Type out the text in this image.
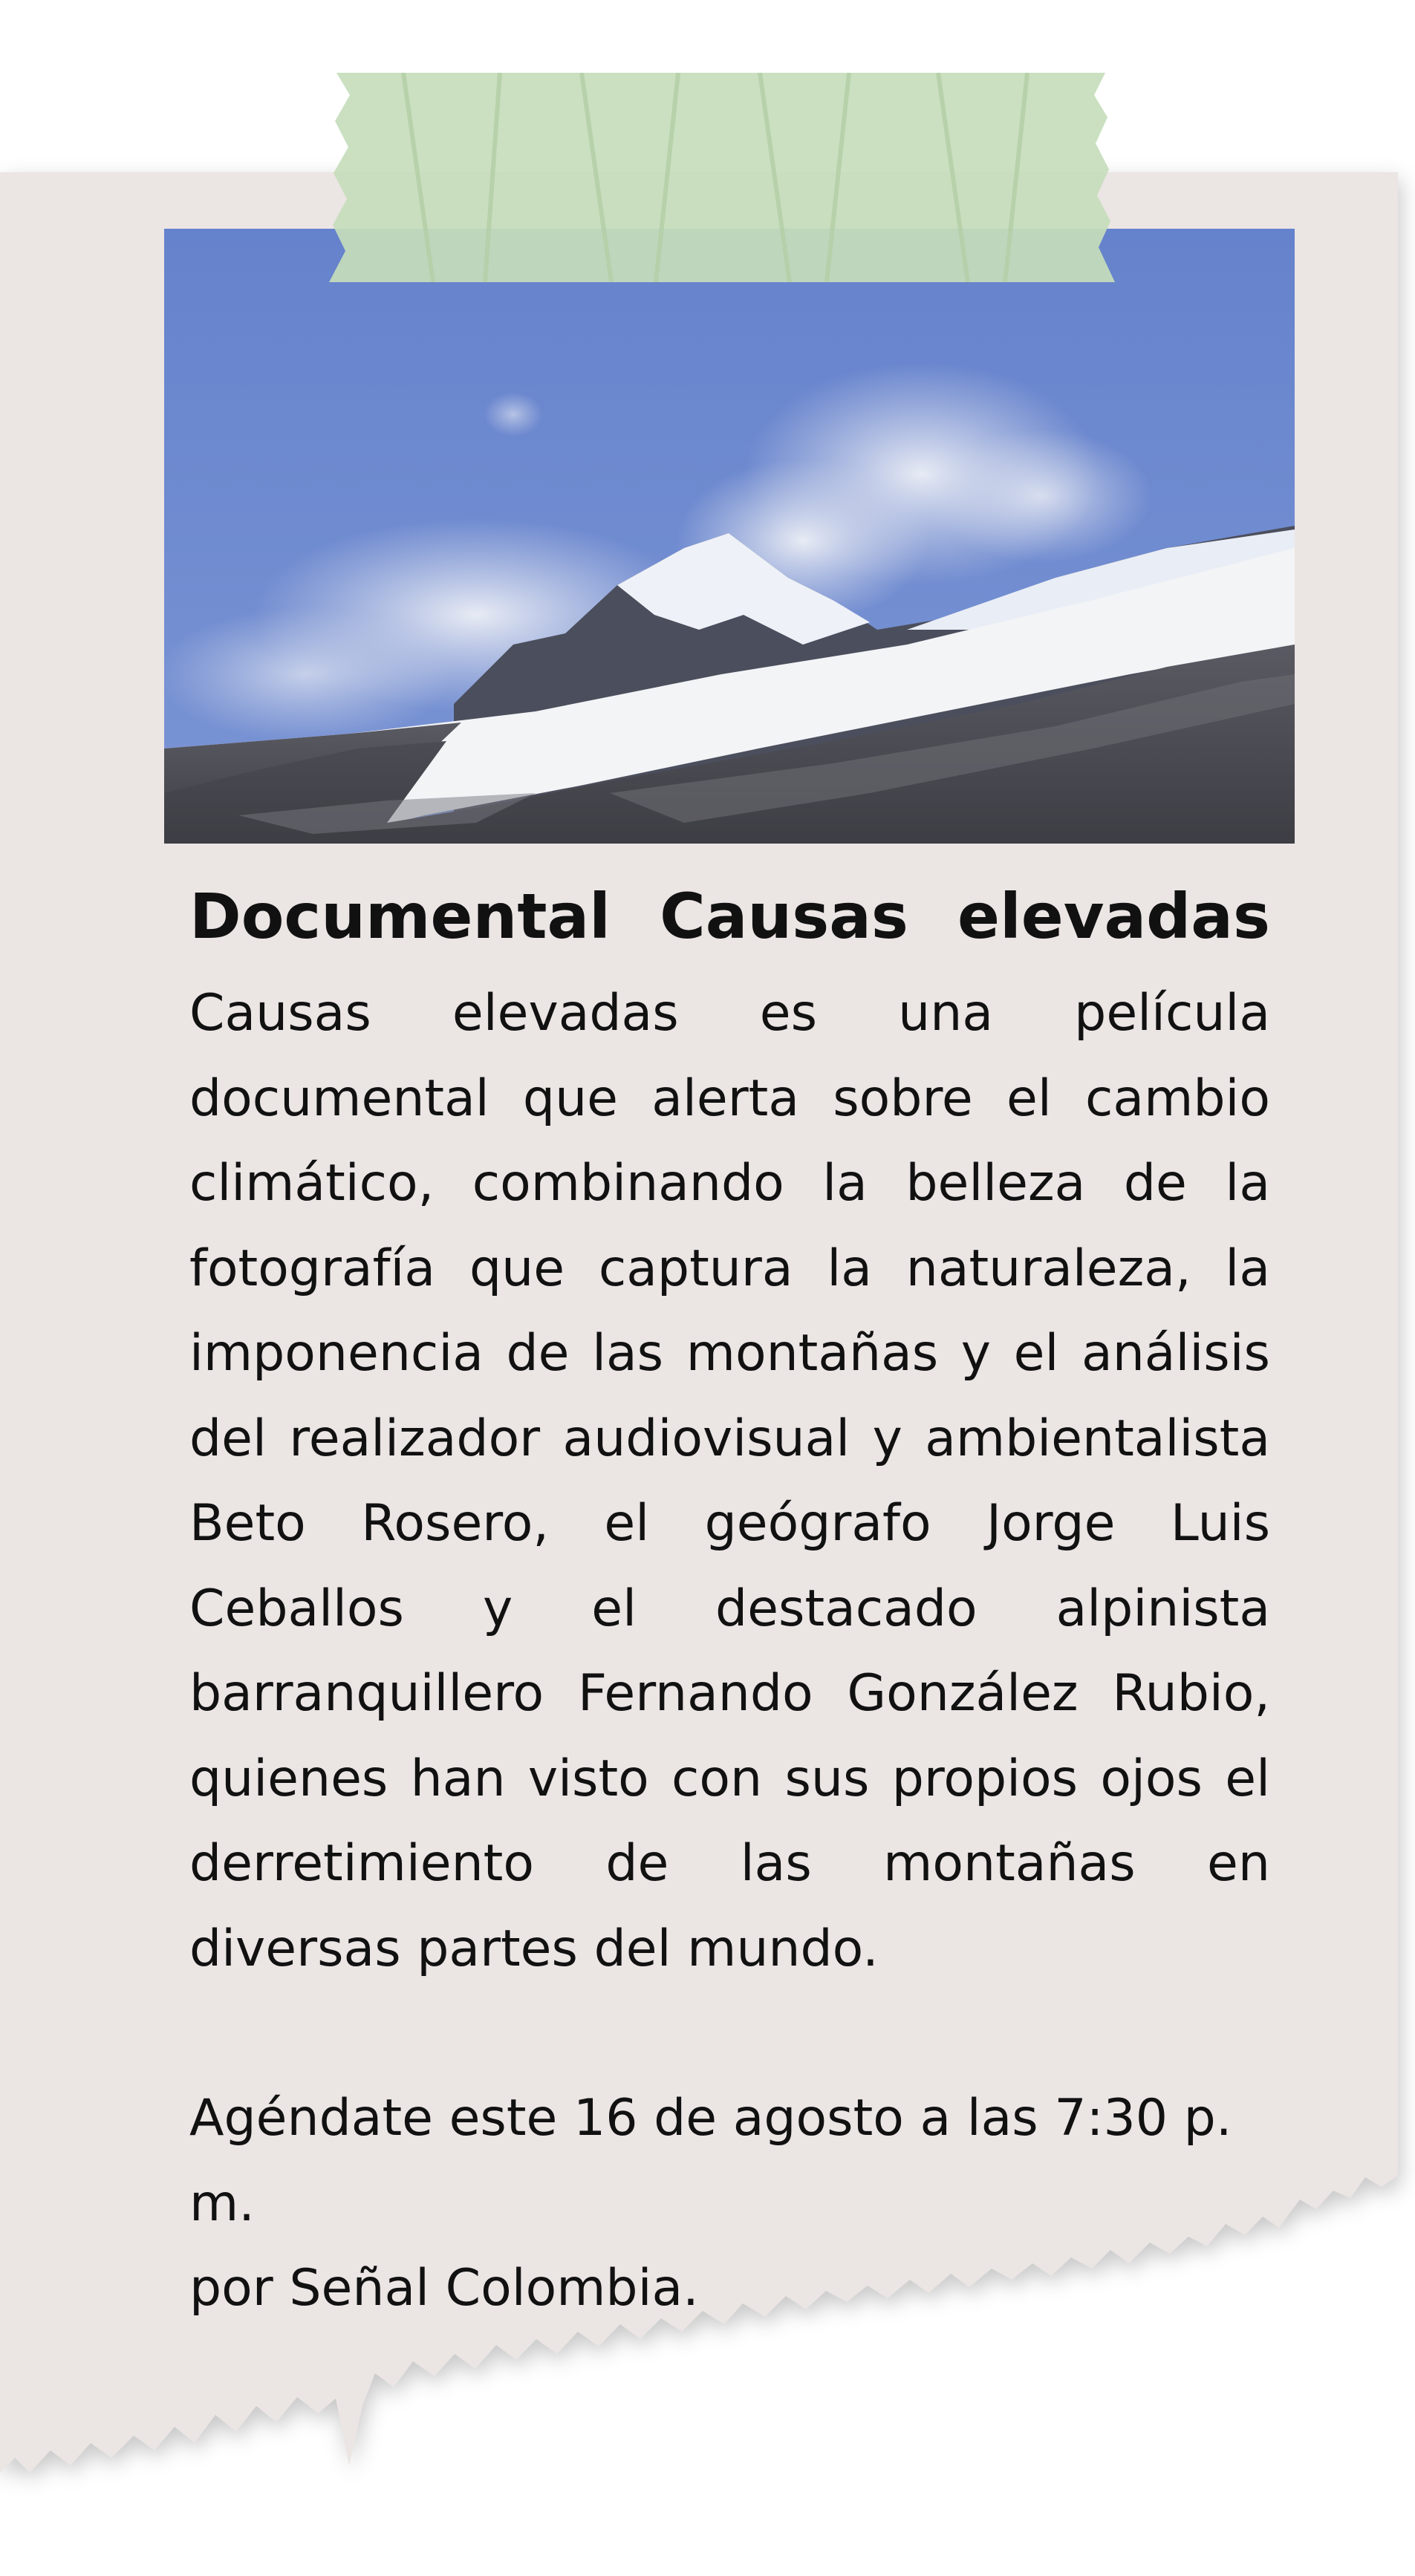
Documental Causas elevadas

Causas elevadas es una película documental que alerta sobre el cambio climático, combinando la belleza de la fotografía que captura la naturaleza, la imponencia de las montañas y el análisis del realizador audiovisual y ambientalista Beto Rosero, el geógrafo Jorge Luis Ceballos y el destacado alpinista barranquillero Fernando González Rubio, quienes han visto con sus propios ojos el derretimiento de las montañas en diversas partes del mundo.

Agéndate este 16 de agosto a las 7:30 p. m.
por Señal Colombia.
